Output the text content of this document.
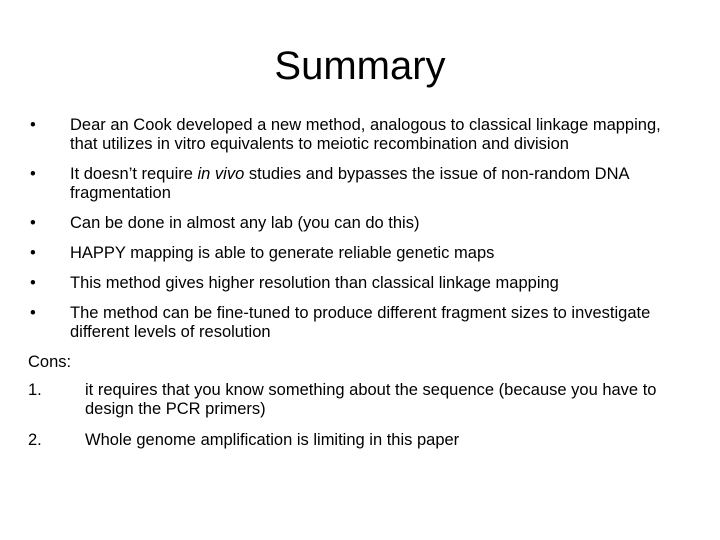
Summary
• Dear an Cook developed a new method, analogous to classical linkage mapping, that utilizes in vitro equivalents to meiotic recombination and division
• It doesn’t require in vivo studies and bypasses the issue of non-random DNA fragmentation
• Can be done in almost any lab (you can do this)
• HAPPY mapping is able to generate reliable genetic maps
• This method gives higher resolution than classical linkage mapping
• The method can be fine-tuned to produce different fragment sizes to investigate different levels of resolution
Cons:
1.	it requires that you know something about the sequence (because you have to design the PCR primers)
2.	Whole genome amplification is limiting in this paper
